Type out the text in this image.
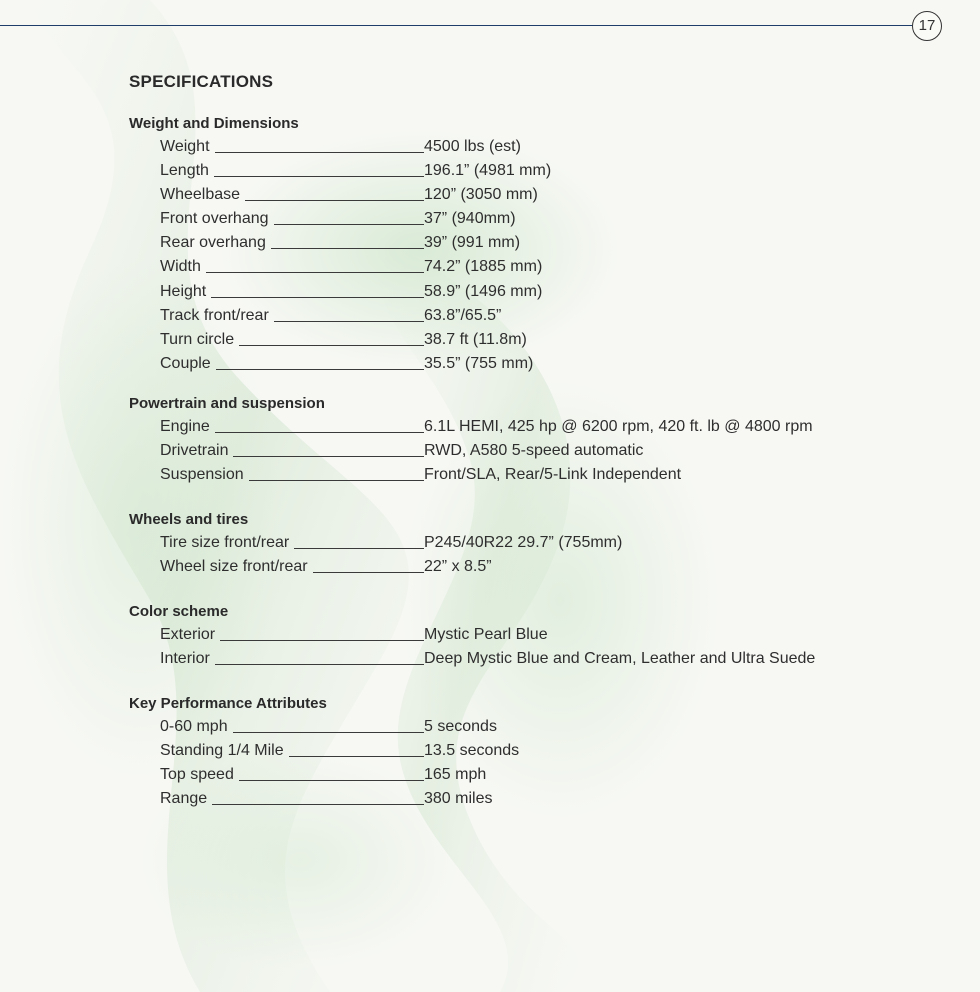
17
SPECIFICATIONS
Weight and Dimensions
Weight	4500 lbs (est)
Length	196.1” (4981 mm)
Wheelbase	120” (3050 mm)
Front overhang	37” (940mm)
Rear overhang	39” (991 mm)
Width	74.2” (1885 mm)
Height	58.9” (1496 mm)
Track front/rear	63.8”/65.5”
Turn circle	38.7 ft (11.8m)
Couple	35.5” (755 mm)
Powertrain and suspension
Engine	6.1L HEMI, 425 hp @ 6200 rpm, 420 ft. lb @ 4800 rpm
Drivetrain	RWD, A580 5-speed automatic
Suspension	Front/SLA, Rear/5-Link Independent
Wheels and tires
Tire size front/rear	P245/40R22 29.7” (755mm)
Wheel size front/rear	22” x 8.5”
Color scheme
Exterior	Mystic Pearl Blue
Interior	Deep Mystic Blue and Cream, Leather and Ultra Suede
Key Performance Attributes
0-60 mph	5 seconds
Standing 1/4 Mile	13.5 seconds
Top speed	165 mph
Range	380 miles
